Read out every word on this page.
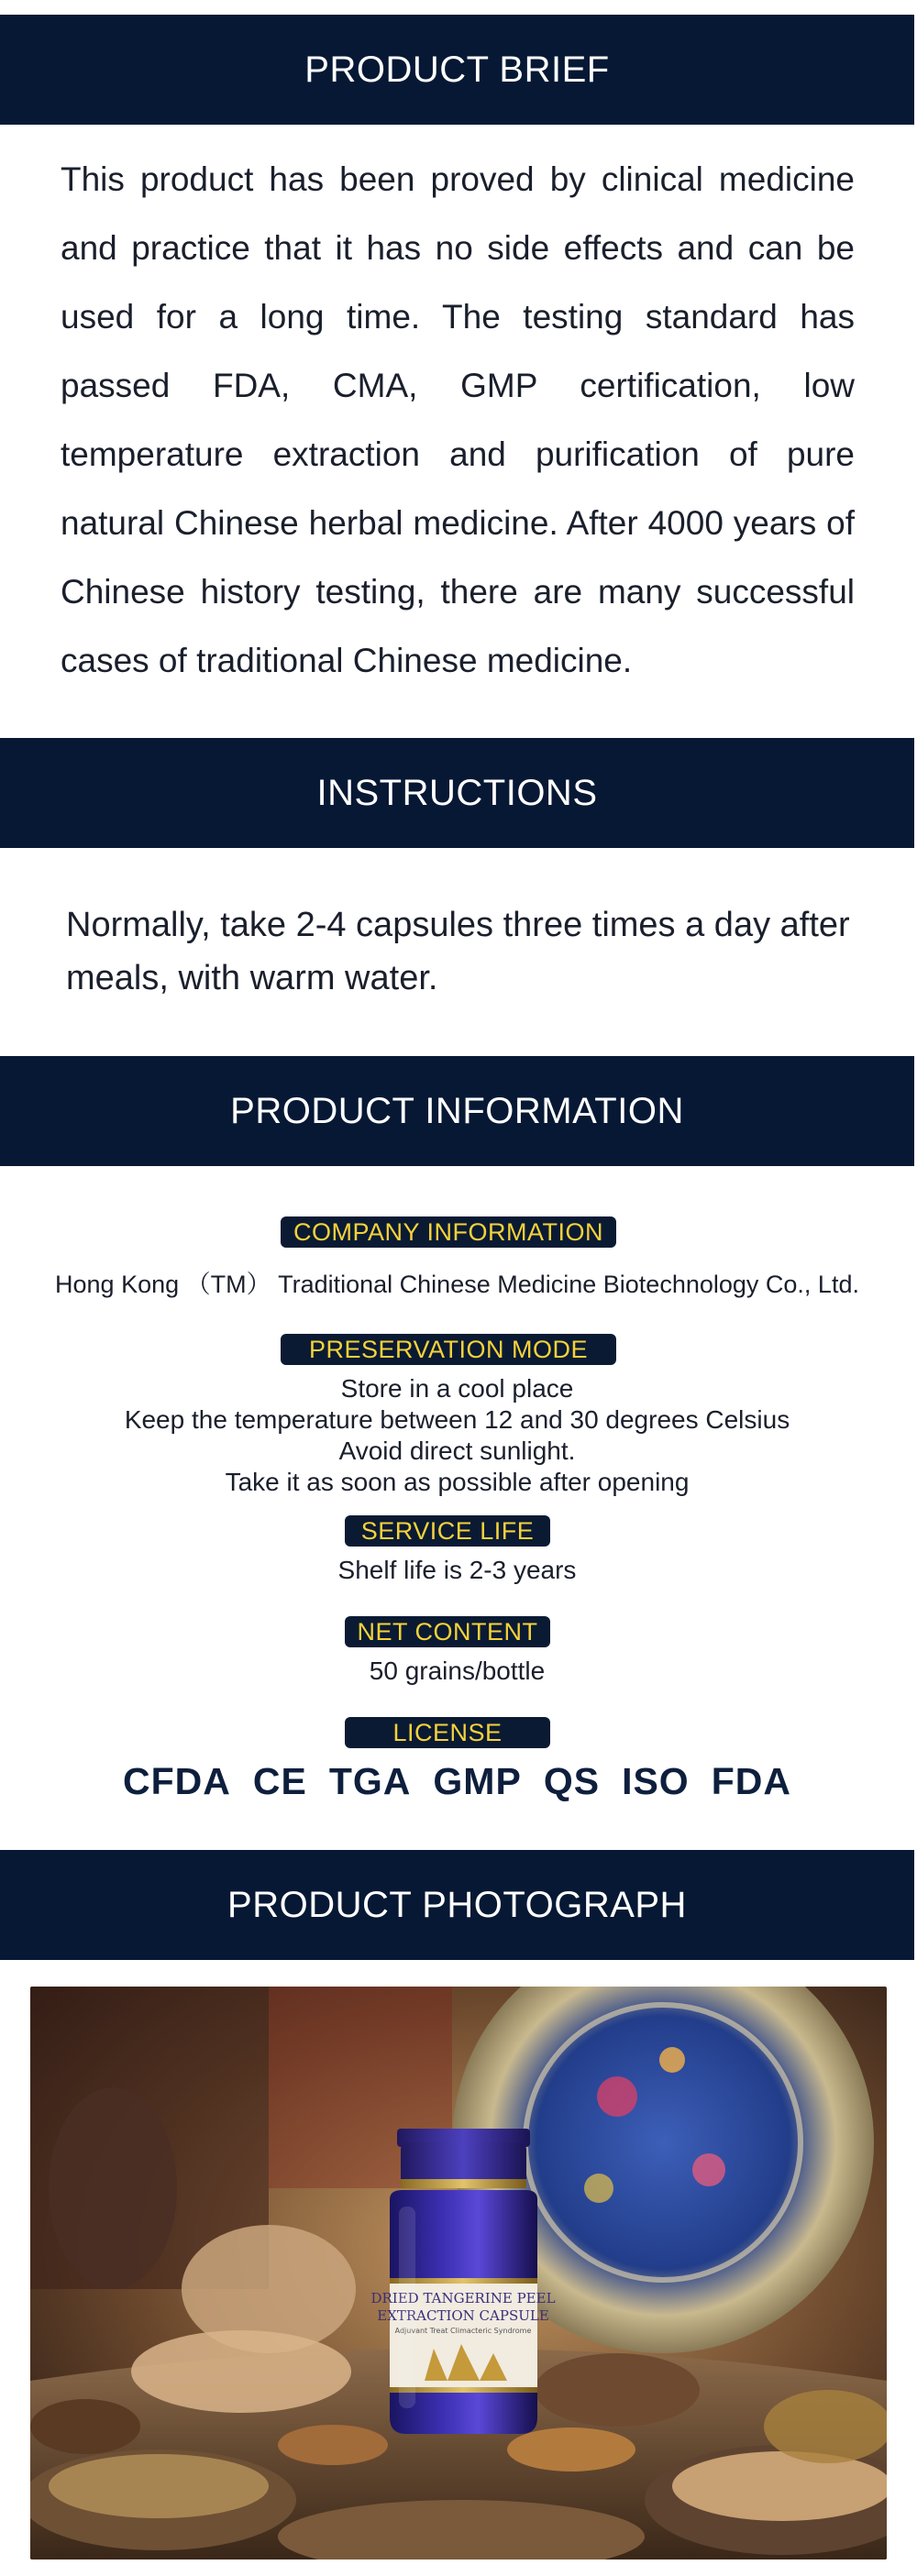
PRODUCT BRIEF
This product has been proved by clinical medicine and practice that it has no side effects and can be used for a long time. The testing standard has passed FDA, CMA, GMP certification, low temperature extraction and purification of pure natural Chinese herbal medicine. After 4000 years of Chinese history testing, there are many successful cases of traditional Chinese medicine.
INSTRUCTIONS
Normally, take 2-4 capsules three times a day after meals, with warm water.
PRODUCT INFORMATION
COMPANY INFORMATION
Hong Kong （TM） Traditional Chinese Medicine Biotechnology Co., Ltd.
PRESERVATION MODE
Store in a cool place
Keep the temperature between 12 and 30 degrees Celsius
Avoid direct sunlight.
Take it as soon as possible after opening
SERVICE LIFE
Shelf life is 2-3 years
NET CONTENT
50 grains/bottle
LICENSE
CFDA CE TGA GMP QS ISO FDA
PRODUCT PHOTOGRAPH
DRIED TANGERINE PEEL
EXTRACTION CAPSULE
Adjuvant Treat Climacteric Syndrome
